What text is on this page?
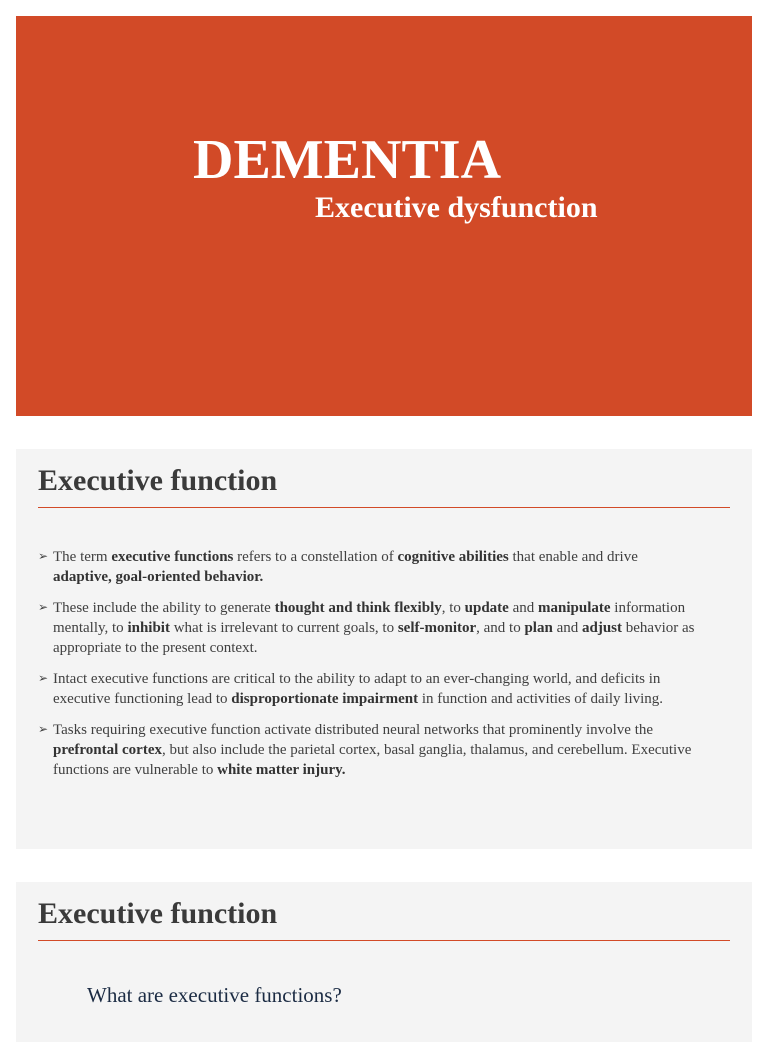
DEMENTIA
Executive dysfunction
Executive function
➢ The term executive functions refers to a constellation of cognitive abilities that enable and drive adaptive, goal-oriented behavior.
➢ These include the ability to generate thought and think flexibly, to update and manipulate information mentally, to inhibit what is irrelevant to current goals, to self-monitor, and to plan and adjust behavior as appropriate to the present context.
➢ Intact executive functions are critical to the ability to adapt to an ever-changing world, and deficits in executive functioning lead to disproportionate impairment in function and activities of daily living.
➢ Tasks requiring executive function activate distributed neural networks that prominently involve the prefrontal cortex, but also include the parietal cortex, basal ganglia, thalamus, and cerebellum. Executive functions are vulnerable to white matter injury.
Executive function
What are executive functions?
